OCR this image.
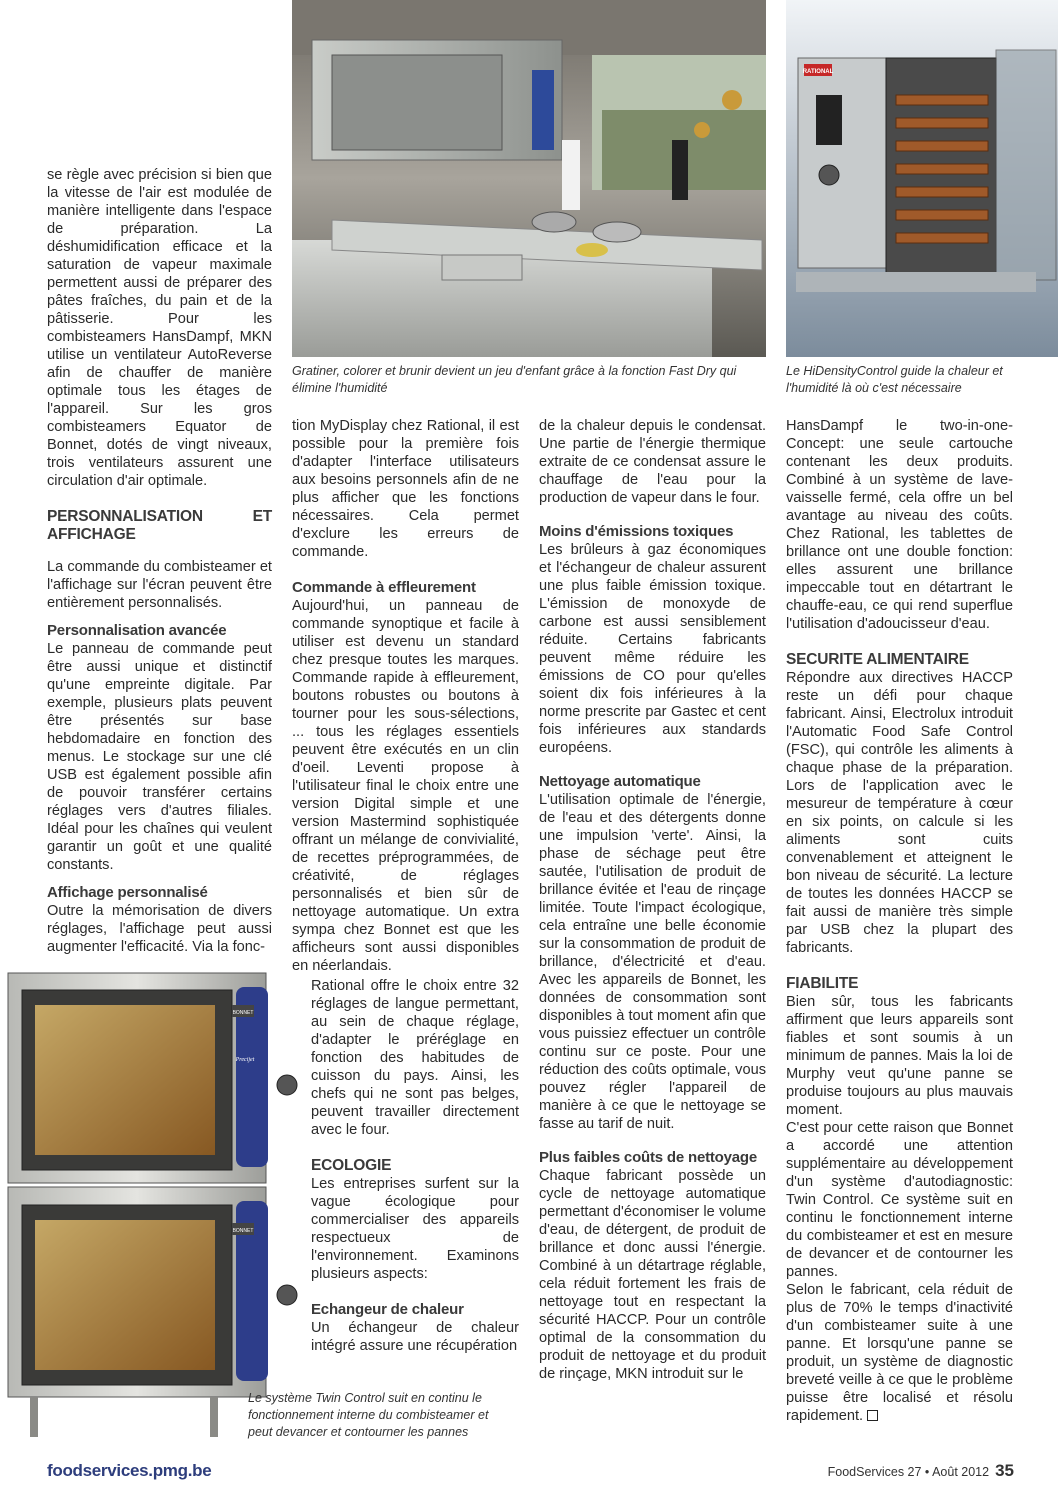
RATIONAL
Gratiner, colorer et brunir devient un jeu d'enfant grâce à la fonction Fast Dry qui élimine l'humidité
Le HiDensityControl guide la chaleur et l'humidité là où c'est nécessaire
BONNET
Precijet
BONNET
Le système Twin Control suit en continu le fonctionnement interne du combisteamer et peut devancer et contourner les pannes

se règle avec précision si bien que la vitesse de l'air est modulée de manière intelligente dans l'espace de préparation. La déshumidification efficace et la saturation de vapeur maximale permettent aussi de préparer des pâtes fraîches, du pain et de la pâtisserie. Pour les combisteamers HansDampf, MKN utilise un ventilateur AutoReverse afin de chauffer de manière optimale tous les étages de l'appareil. Sur les gros combisteamers Equator de Bonnet, dotés de vingt niveaux, trois ventilateurs assurent une circulation d'air optimale.

PERSONNALISATION ET AFFICHAGE

La commande du combisteamer et l'affichage sur l'écran peuvent être entièrement personnalisés.

Personnalisation avancée

Le panneau de commande peut être aussi unique et distinctif qu'une empreinte digitale. Par exemple, plusieurs plats peuvent être présentés sur base hebdomadaire en fonction des menus. Le stockage sur une clé USB est également possible afin de pouvoir transférer certains réglages vers d'autres filiales. Idéal pour les chaînes qui veulent garantir un goût et une qualité constants.

Affichage personnalisé

Outre la mémorisation de divers réglages, l'affichage peut aussi augmenter l'efficacité. Via la fonc-

tion MyDisplay chez Rational, il est possible pour la première fois d'adapter l'interface utilisateurs aux besoins personnels afin de ne plus afficher que les fonctions nécessaires. Cela permet d'exclure les erreurs de commande.

Commande à effleurement

Aujourd'hui, un panneau de commande synoptique et facile à utiliser est devenu un standard chez presque toutes les marques. Commande rapide à effleurement, boutons robustes ou boutons à tourner pour les sous-sélections, ... tous les réglages essentiels peuvent être exécutés en un clin d'oeil. Leventi propose à l'utilisateur final le choix entre une version Digital simple et une version Mastermind sophistiquée offrant un mélange de convivialité, de recettes préprogrammées, de créativité, de réglages personnalisés et bien sûr de nettoyage automatique. Un extra sympa chez Bonnet est que les afficheurs sont aussi disponibles en néerlandais.

Rational offre le choix entre 32 réglages de langue permettant, au sein de chaque réglage, d'adapter le préréglage en fonction des habitudes de cuisson du pays. Ainsi, les chefs qui ne sont pas belges, peuvent travailler directement avec le four.

ECOLOGIE

Les entreprises surfent sur la vague écologique pour commercialiser des appareils respectueux de l'environnement. Examinons plusieurs aspects:

Echangeur de chaleur

Un échangeur de chaleur intégré assure une récupération

de la chaleur depuis le condensat. Une partie de l'énergie thermique extraite de ce condensat assure le chauffage de l'eau pour la production de vapeur dans le four.

Moins d'émissions toxiques

Les brûleurs à gaz économiques et l'échangeur de chaleur assurent une plus faible émission toxique. L'émission de monoxyde de carbone est aussi sensiblement réduite. Certains fabricants peuvent même réduire les émissions de CO pour qu'elles soient dix fois inférieures à la norme prescrite par Gastec et cent fois inférieures aux standards européens.

Nettoyage automatique

L'utilisation optimale de l'énergie, de l'eau et des détergents donne une impulsion 'verte'. Ainsi, la phase de séchage peut être sautée, l'utilisation de produit de brillance évitée et l'eau de rinçage limitée. Toute l'impact écologique, cela entraîne une belle économie sur la consommation de produit de brillance, d'électricité et d'eau. Avec les appareils de Bonnet, les données de consommation sont disponibles à tout moment afin que vous puissiez effectuer un contrôle continu sur ce poste. Pour une réduction des coûts optimale, vous pouvez régler l'appareil de manière à ce que le nettoyage se fasse au tarif de nuit.

Plus faibles coûts de nettoyage

Chaque fabricant possède un cycle de nettoyage automatique permettant d'économiser le volume d'eau, de détergent, de produit de brillance et donc aussi l'énergie. Combiné à un détartrage réglable, cela réduit fortement les frais de nettoyage tout en respectant la sécurité HACCP. Pour un contrôle optimal de la consommation du produit de nettoyage et du produit de rinçage, MKN introduit sur le

HansDampf le two-in-one-Concept: une seule cartouche contenant les deux produits. Combiné à un système de lave-vaisselle fermé, cela offre un bel avantage au niveau des coûts. Chez Rational, les tablettes de brillance ont une double fonction: elles assurent une brillance impeccable tout en détartrant le chauffe-eau, ce qui rend superflue l'utilisation d'adoucisseur d'eau.

SECURITE ALIMENTAIRE

Répondre aux directives HACCP reste un défi pour chaque fabricant. Ainsi, Electrolux introduit l'Automatic Food Safe Control (FSC), qui contrôle les aliments à chaque phase de la préparation. Lors de l'application avec le mesureur de température à cœur en six points, on calcule si les aliments sont cuits convenablement et atteignent le bon niveau de sécurité. La lecture de toutes les données HACCP se fait aussi de manière très simple par USB chez la plupart des fabricants.

FIABILITE

Bien sûr, tous les fabricants affirment que leurs appareils sont fiables et sont soumis à un minimum de pannes. Mais la loi de Murphy veut qu'une panne se produise toujours au plus mauvais moment.

C'est pour cette raison que Bonnet a accordé une attention supplémentaire au développement d'un système d'autodiagnostic: Twin Control. Ce système suit en continu le fonctionnement interne du combisteamer et est en mesure de devancer et de contourner les pannes.

Selon le fabricant, cela réduit de plus de 70% le temps d'inactivité d'un combisteamer suite à une panne. Et lorsqu'une panne se produit, un système de diagnostic breveté veille à ce que le problème puisse être localisé et résolu rapidement.

foodservices.pmg.be	FoodServices 27 • Août 2012 35
